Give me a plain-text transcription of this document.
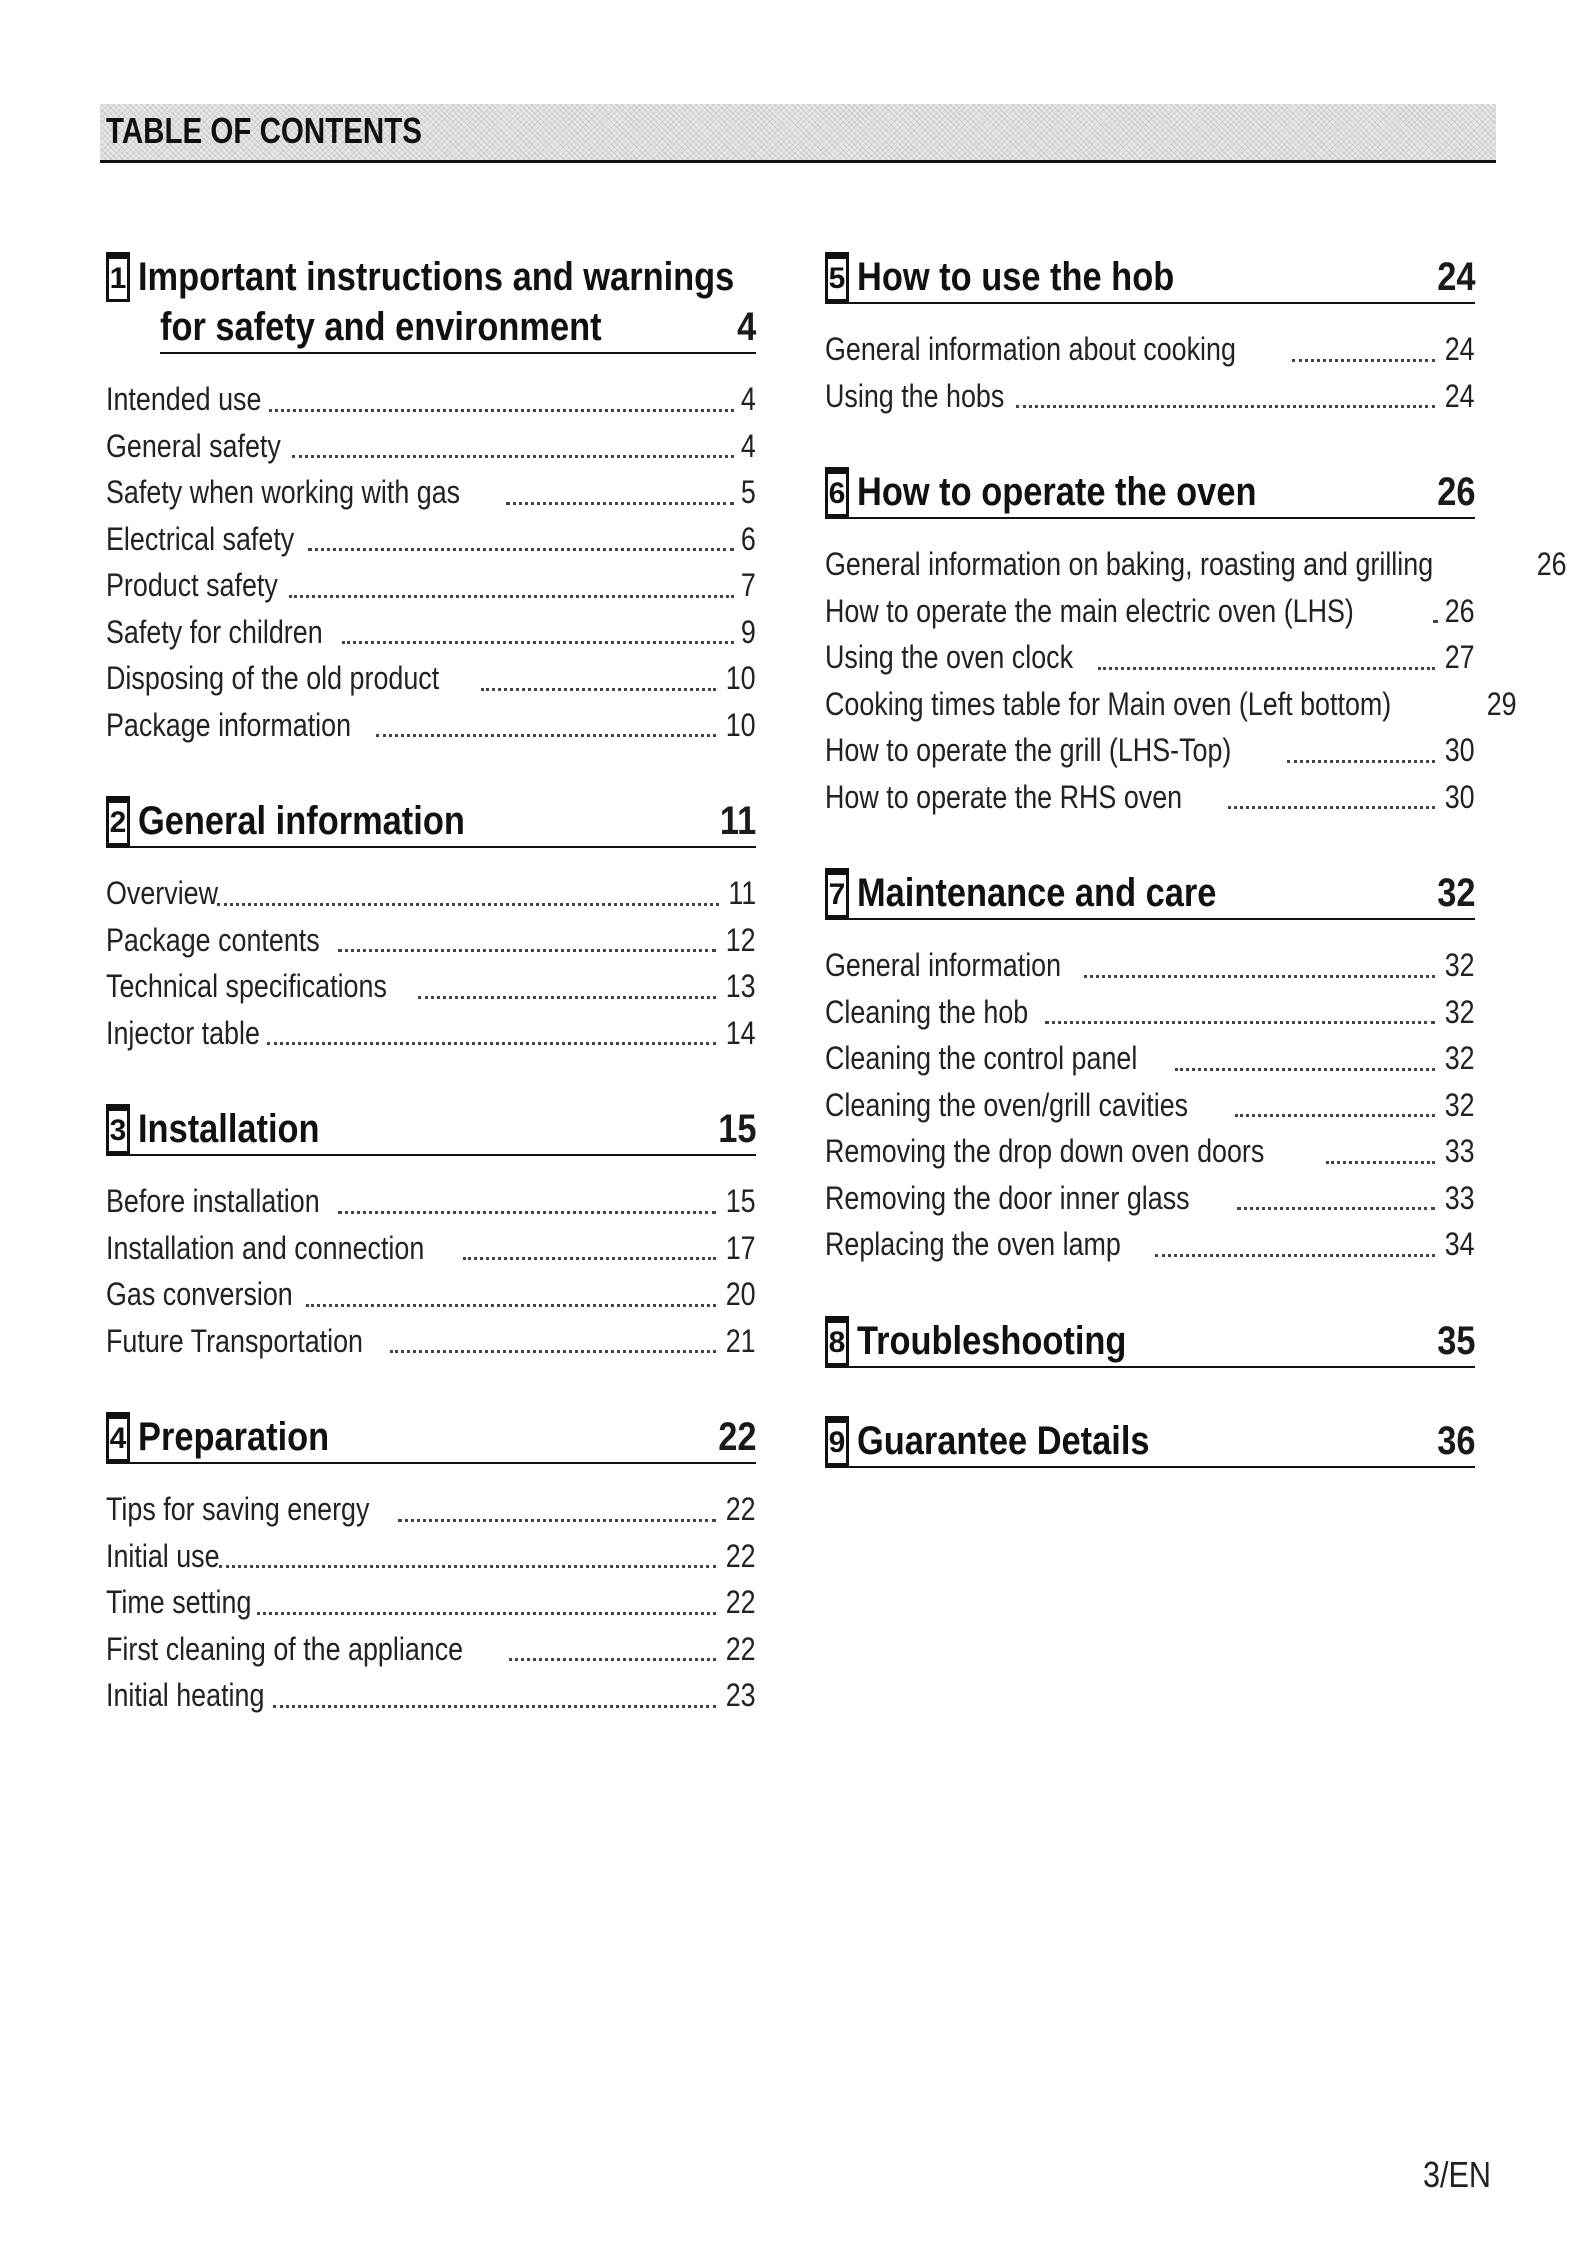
TABLE OF CONTENTS
1 Important instructions and warnings
for safety and environment	4
Intended use	4
General safety	4
Safety when working with gas	5
Electrical safety	6
Product safety	7
Safety for children	9
Disposing of the old product	10
Package information	10
2 General information	11
Overview	11
Package contents	12
Technical specifications	13
Injector table	14
3 Installation	15
Before installation	15
Installation and connection	17
Gas conversion	20
Future Transportation	21
4 Preparation	22
Tips for saving energy	22
Initial use	22
Time setting	22
First cleaning of the appliance	22
Initial heating	23
5 How to use the hob	24
General information about cooking	24
Using the hobs	24
6 How to operate the oven	26
General information on baking, roasting and grilling	26
How to operate the main electric oven (LHS)	26
Using the oven clock	27
Cooking times table for Main oven (Left bottom)	29
How to operate the grill (LHS-Top)	30
How to operate the RHS oven	30
7 Maintenance and care	32
General information	32
Cleaning the hob	32
Cleaning the control panel	32
Cleaning the oven/grill cavities	32
Removing the drop down oven doors	33
Removing the door inner glass	33
Replacing the oven lamp	34
8 Troubleshooting	35
9 Guarantee Details	36
3/EN
